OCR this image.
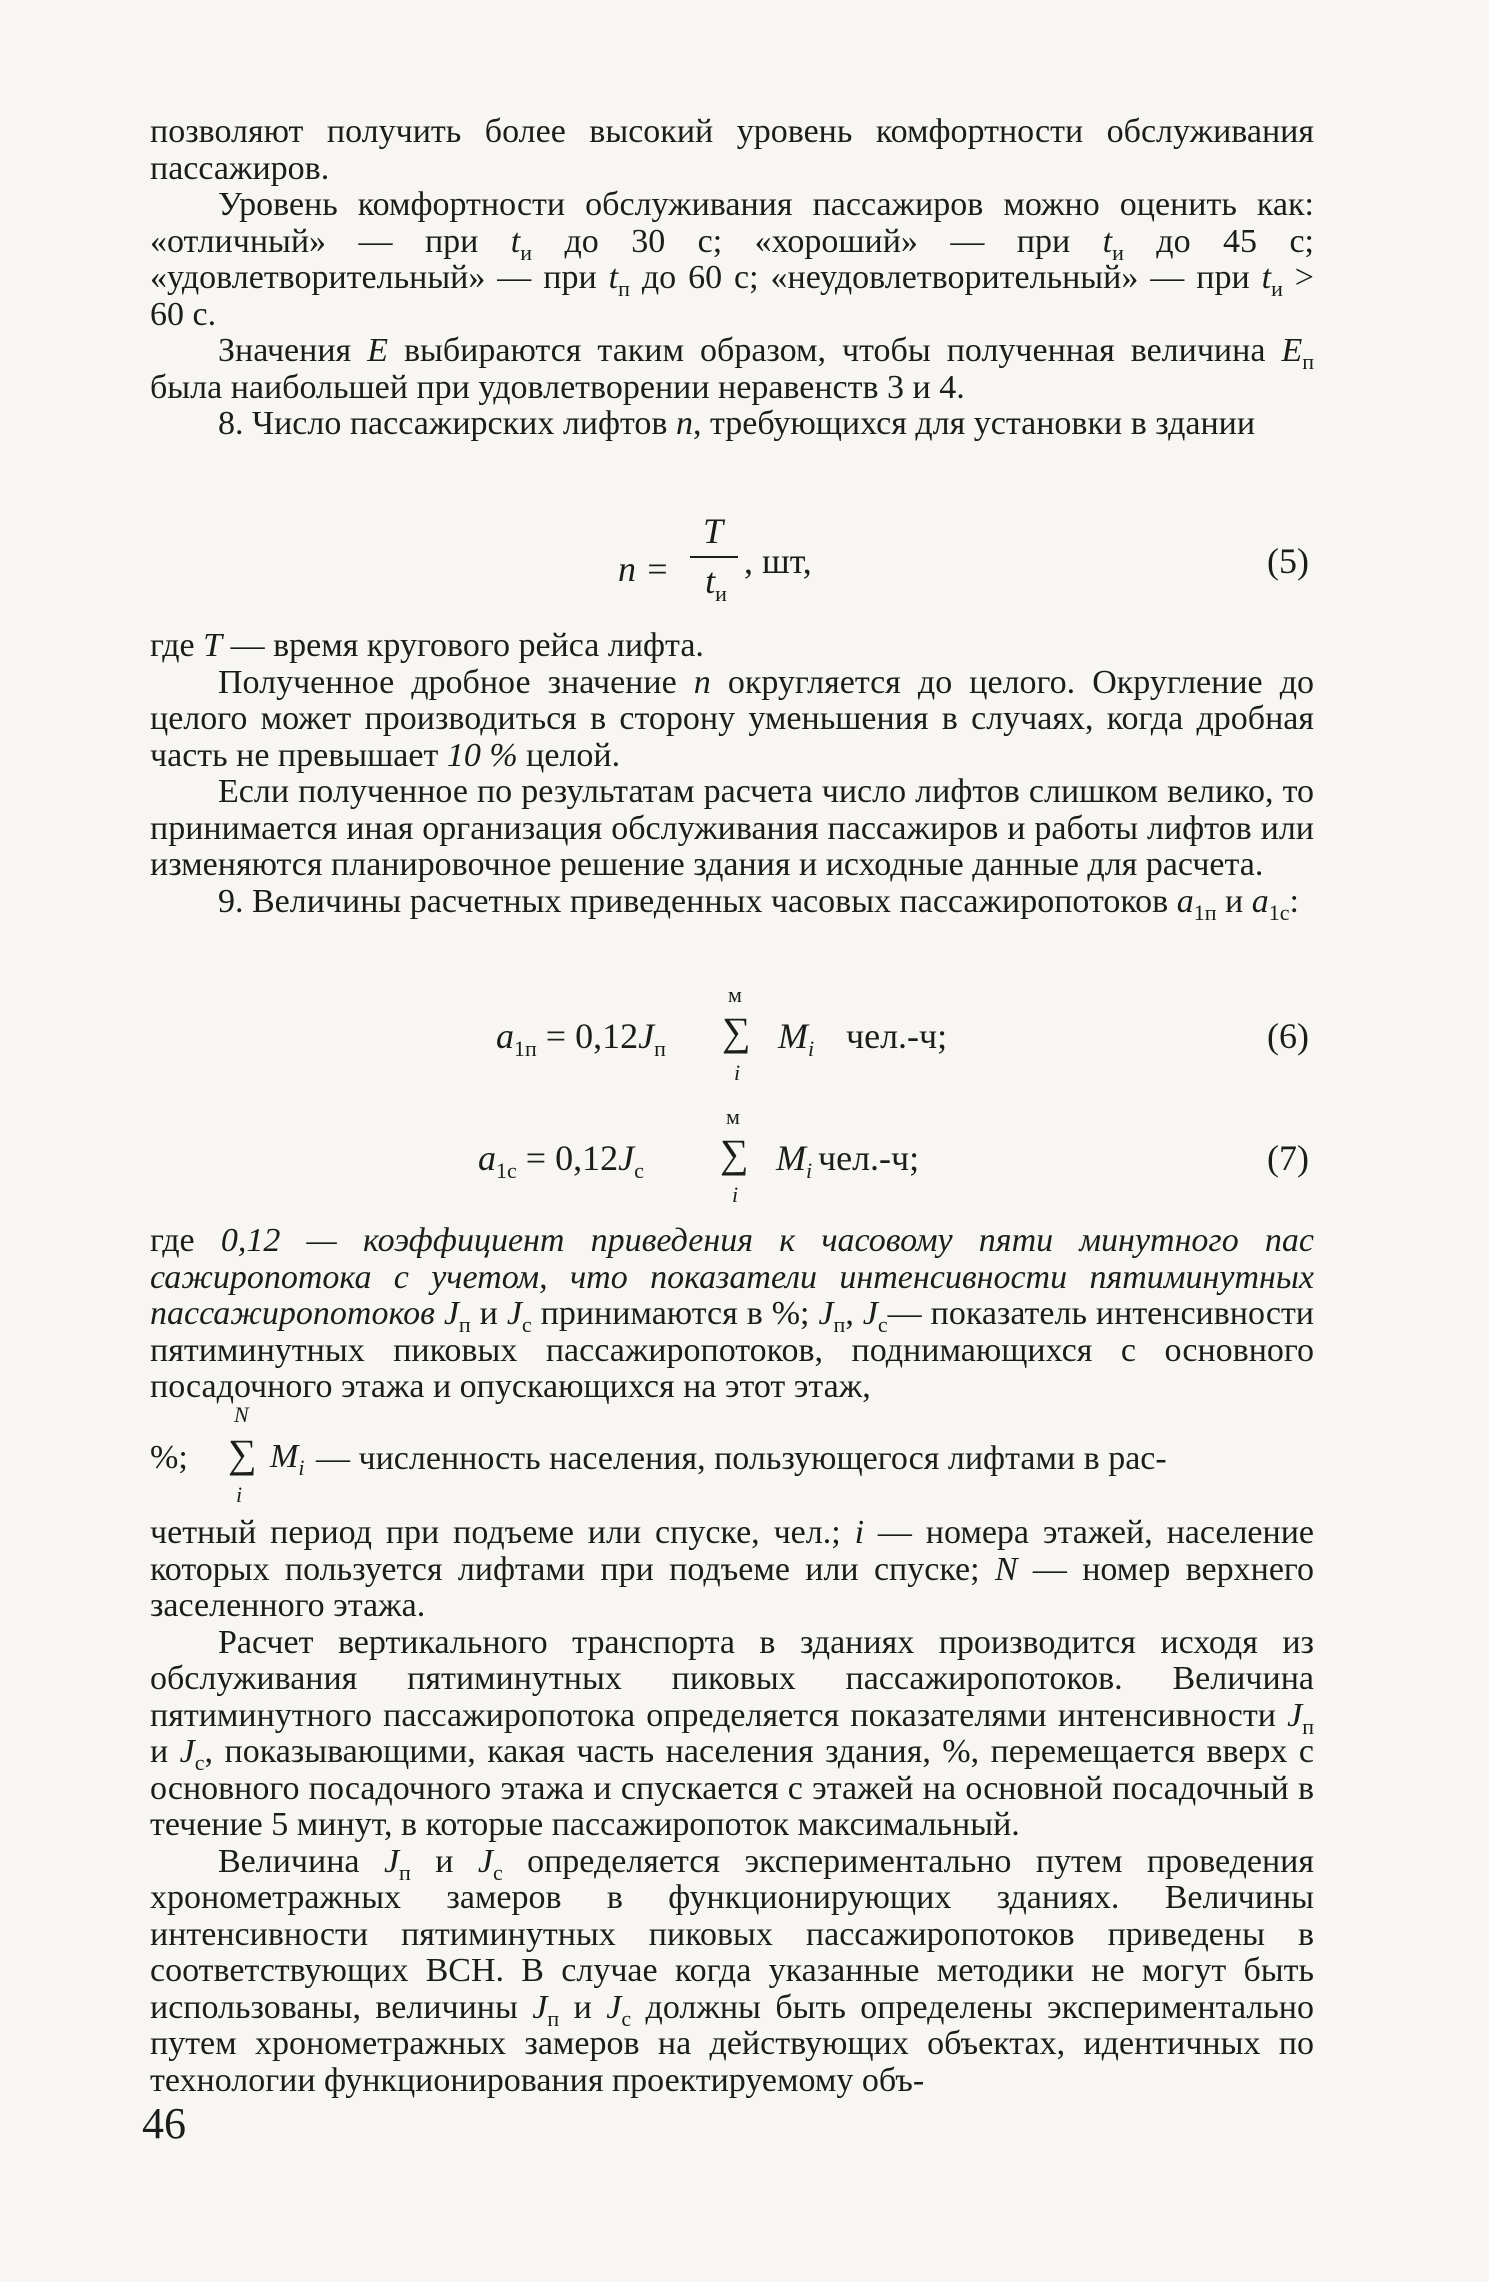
позволяют получить более высокий уровень комфортности обслуживания пассажиров.

Уровень комфортности обслуживания пассажиров можно оценить как: «отличный» — при $t_и$ до 30 с; «хороший» — при $t_и$ до 45 с; «удовлетворительный» — при $t_п$ до 60 с; «неудовлетворительный» — при $t_и > 60$ с.

Значения E выбираются таким образом, чтобы полученная величина $E_п$ была наибольшей при удовлетворении неравенств 3 и 4.

8. Число пассажирских лифтов n, требующихся для установки в здании

n =
T
$t_и$
, шт,	(5)

где T — время кругового рейса лифта.

Полученное дробное значение n округляется до целого. Округление до целого может производиться в сторону уменьшения в случаях, когда дробная часть не превышает 10 % целой.

Если полученное по результатам расчета число лифтов слишком велико, то принимается иная организация обслуживания пассажиров и работы лифтов или изменяются планировочное решение здания и исходные данные для расчета.

9. Величины расчетных приведенных часовых пассажиропотоков $a_{1п}$ и $a_{1с}$:

$a_{1п} = 0,12J_п$
м
∑
i
$M_i$ чел.-ч;	(6)
$a_{1с} = 0,12J_с$
м
∑
i
$M_i$ чел.-ч;	(7)

где 0,12 — коэффициент приведения к часовому пяти минутного пас сажиропотока с учетом, что показатели интенсивности пятиминутных пассажиропотоков $J_п$ и $J_с$ принимаются в %; $J_п$, $J_с—$ показатель интенсивности пятиминутных пиковых пассажиропотоков, поднимающихся с основного посадочного этажа и опускающихся на этот этаж,

N
%;	∑
i
$M_i$ — численность населения, пользующегося лифтами в рас-

четный период при подъеме или спуске, чел.; i — номера этажей, население которых пользуется лифтами при подъеме или спуске; N — номер верхнего заселенного этажа.

Расчет вертикального транспорта в зданиях производится исходя из обслуживания пятиминутных пиковых пассажиропотоков. Величина пятиминутного пассажиропотока определяется показателями интенсивности $J_п$ и $J_с$, показывающими, какая часть населения здания, %, перемещается вверх с основного посадочного этажа и спускается с этажей на основной посадочный в течение 5 минут, в которые пассажиропоток максимальный.

Величина $J_п$ и $J_с$ определяется экспериментально путем проведения хронометражных замеров в функционирующих зданиях. Величины интенсивности пятиминутных пиковых пассажиропотоков приведены в соответствующих ВСН. В случае когда указанные методики не могут быть использованы, величины $J_п$ и $J_с$ должны быть определены экспериментально путем хронометражных замеров на действующих объектах, идентичных по технологии функционирования проектируемому объ-

46
